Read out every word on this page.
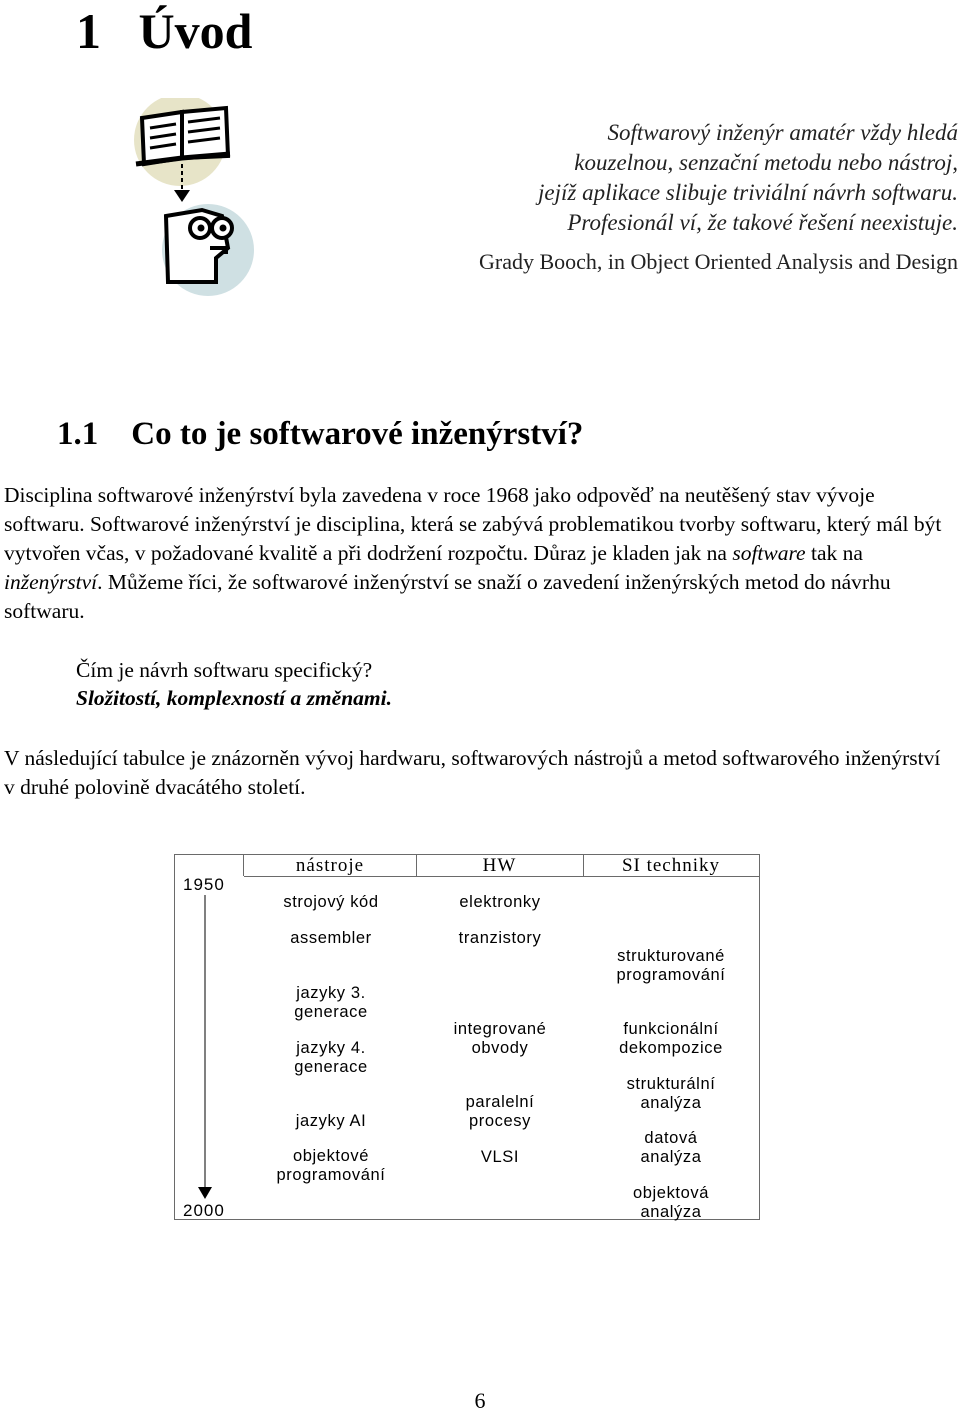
1 Úvod
Softwarový inženýr amatér vždy hledá
kouzelnou, senzační metodu nebo nástroj,
jejíž aplikace slibuje triviální návrh softwaru.
Profesionál ví, že takové řešení neexistuje.
Grady Booch, in Object Oriented Analysis and Design
1.1 Co to je softwarové inženýrství?

Disciplina softwarové inženýrství byla zavedena v roce 1968 jako odpověď na neutěšený stav vývoje softwaru. Softwarové inženýrství je disciplina, která se zabývá problematikou tvorby softwaru, který mál být vytvořen včas, v požadované kvalitě a při dodržení rozpočtu. Důraz je kladen jak na software tak na inženýrství. Můžeme říci, že softwarové inženýrství se snaží o zavedení inženýrských metod do návrhu softwaru.

Čím je návrh softwaru specifický?

Složitostí, komplexností a změnami.

V následující tabulce je znázorněn vývoj hardwaru, softwarových nástrojů a metod softwarového inženýrství v druhé polovině dvacátého století.

nástroje	HW	SI techniky
1950
2000
strojový kód
assembler
jazyky 3.
generace
jazyky 4.
generace
jazyky AI
objektové
programování
elektronky
tranzistory
integrované
obvody
paralelní
procesy
VLSI
strukturované
programování
funkcionální
dekompozice
strukturální
analýza
datová
analýza
objektová
analýza
6
